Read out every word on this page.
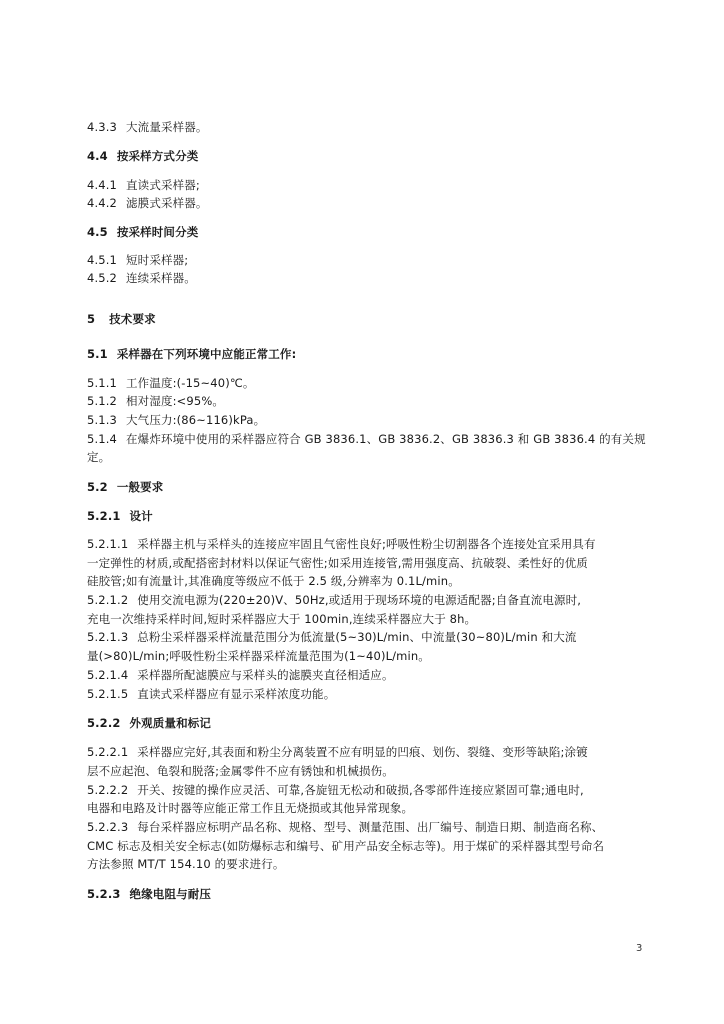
4.3.3 大流量采样器。
4.4 按采样方式分类
4.4.1 直读式采样器;
4.4.2 滤膜式采样器。
4.5 按采样时间分类
4.5.1 短时采样器;
4.5.2 连续采样器。
5 技术要求
5.1 采样器在下列环境中应能正常工作:
5.1.1 工作温度:(-15~40)℃。
5.1.2 相对湿度:<95%。
5.1.3 大气压力:(86~116)kPa。
5.1.4 在爆炸环境中使用的采样器应符合 GB 3836.1、GB 3836.2、GB 3836.3 和 GB 3836.4 的有关规
定。
5.2 一般要求
5.2.1 设计
5.2.1.1 采样器主机与采样头的连接应牢固且气密性良好;呼吸性粉尘切割器各个连接处宜采用具有
一定弹性的材质,或配搭密封材料以保证气密性;如采用连接管,需用强度高、抗破裂、柔性好的优质
硅胶管;如有流量计,其准确度等级应不低于 2.5 级,分辨率为 0.1L/min。
5.2.1.2 使用交流电源为(220±20)V、50Hz,或适用于现场环境的电源适配器;自备直流电源时,
充电一次维持采样时间,短时采样器应大于 100min,连续采样器应大于 8h。
5.2.1.3 总粉尘采样器采样流量范围分为低流量(5~30)L/min、中流量(30~80)L/min 和大流
量(>80)L/min;呼吸性粉尘采样器采样流量范围为(1~40)L/min。
5.2.1.4 采样器所配滤膜应与采样头的滤膜夹直径相适应。
5.2.1.5 直读式采样器应有显示采样浓度功能。
5.2.2 外观质量和标记
5.2.2.1 采样器应完好,其表面和粉尘分离装置不应有明显的凹痕、划伤、裂缝、变形等缺陷;涂镀
层不应起泡、龟裂和脱落;金属零件不应有锈蚀和机械损伤。
5.2.2.2 开关、按键的操作应灵活、可靠,各旋钮无松动和破损,各零部件连接应紧固可靠;通电时,
电器和电路及计时器等应能正常工作且无烧损或其他异常现象。
5.2.2.3 每台采样器应标明产品名称、规格、型号、测量范围、出厂编号、制造日期、制造商名称、
CMC 标志及相关安全标志(如防爆标志和编号、矿用产品安全标志等)。用于煤矿的采样器其型号命名
方法参照 MT/T 154.10 的要求进行。
5.2.3 绝缘电阻与耐压
3
